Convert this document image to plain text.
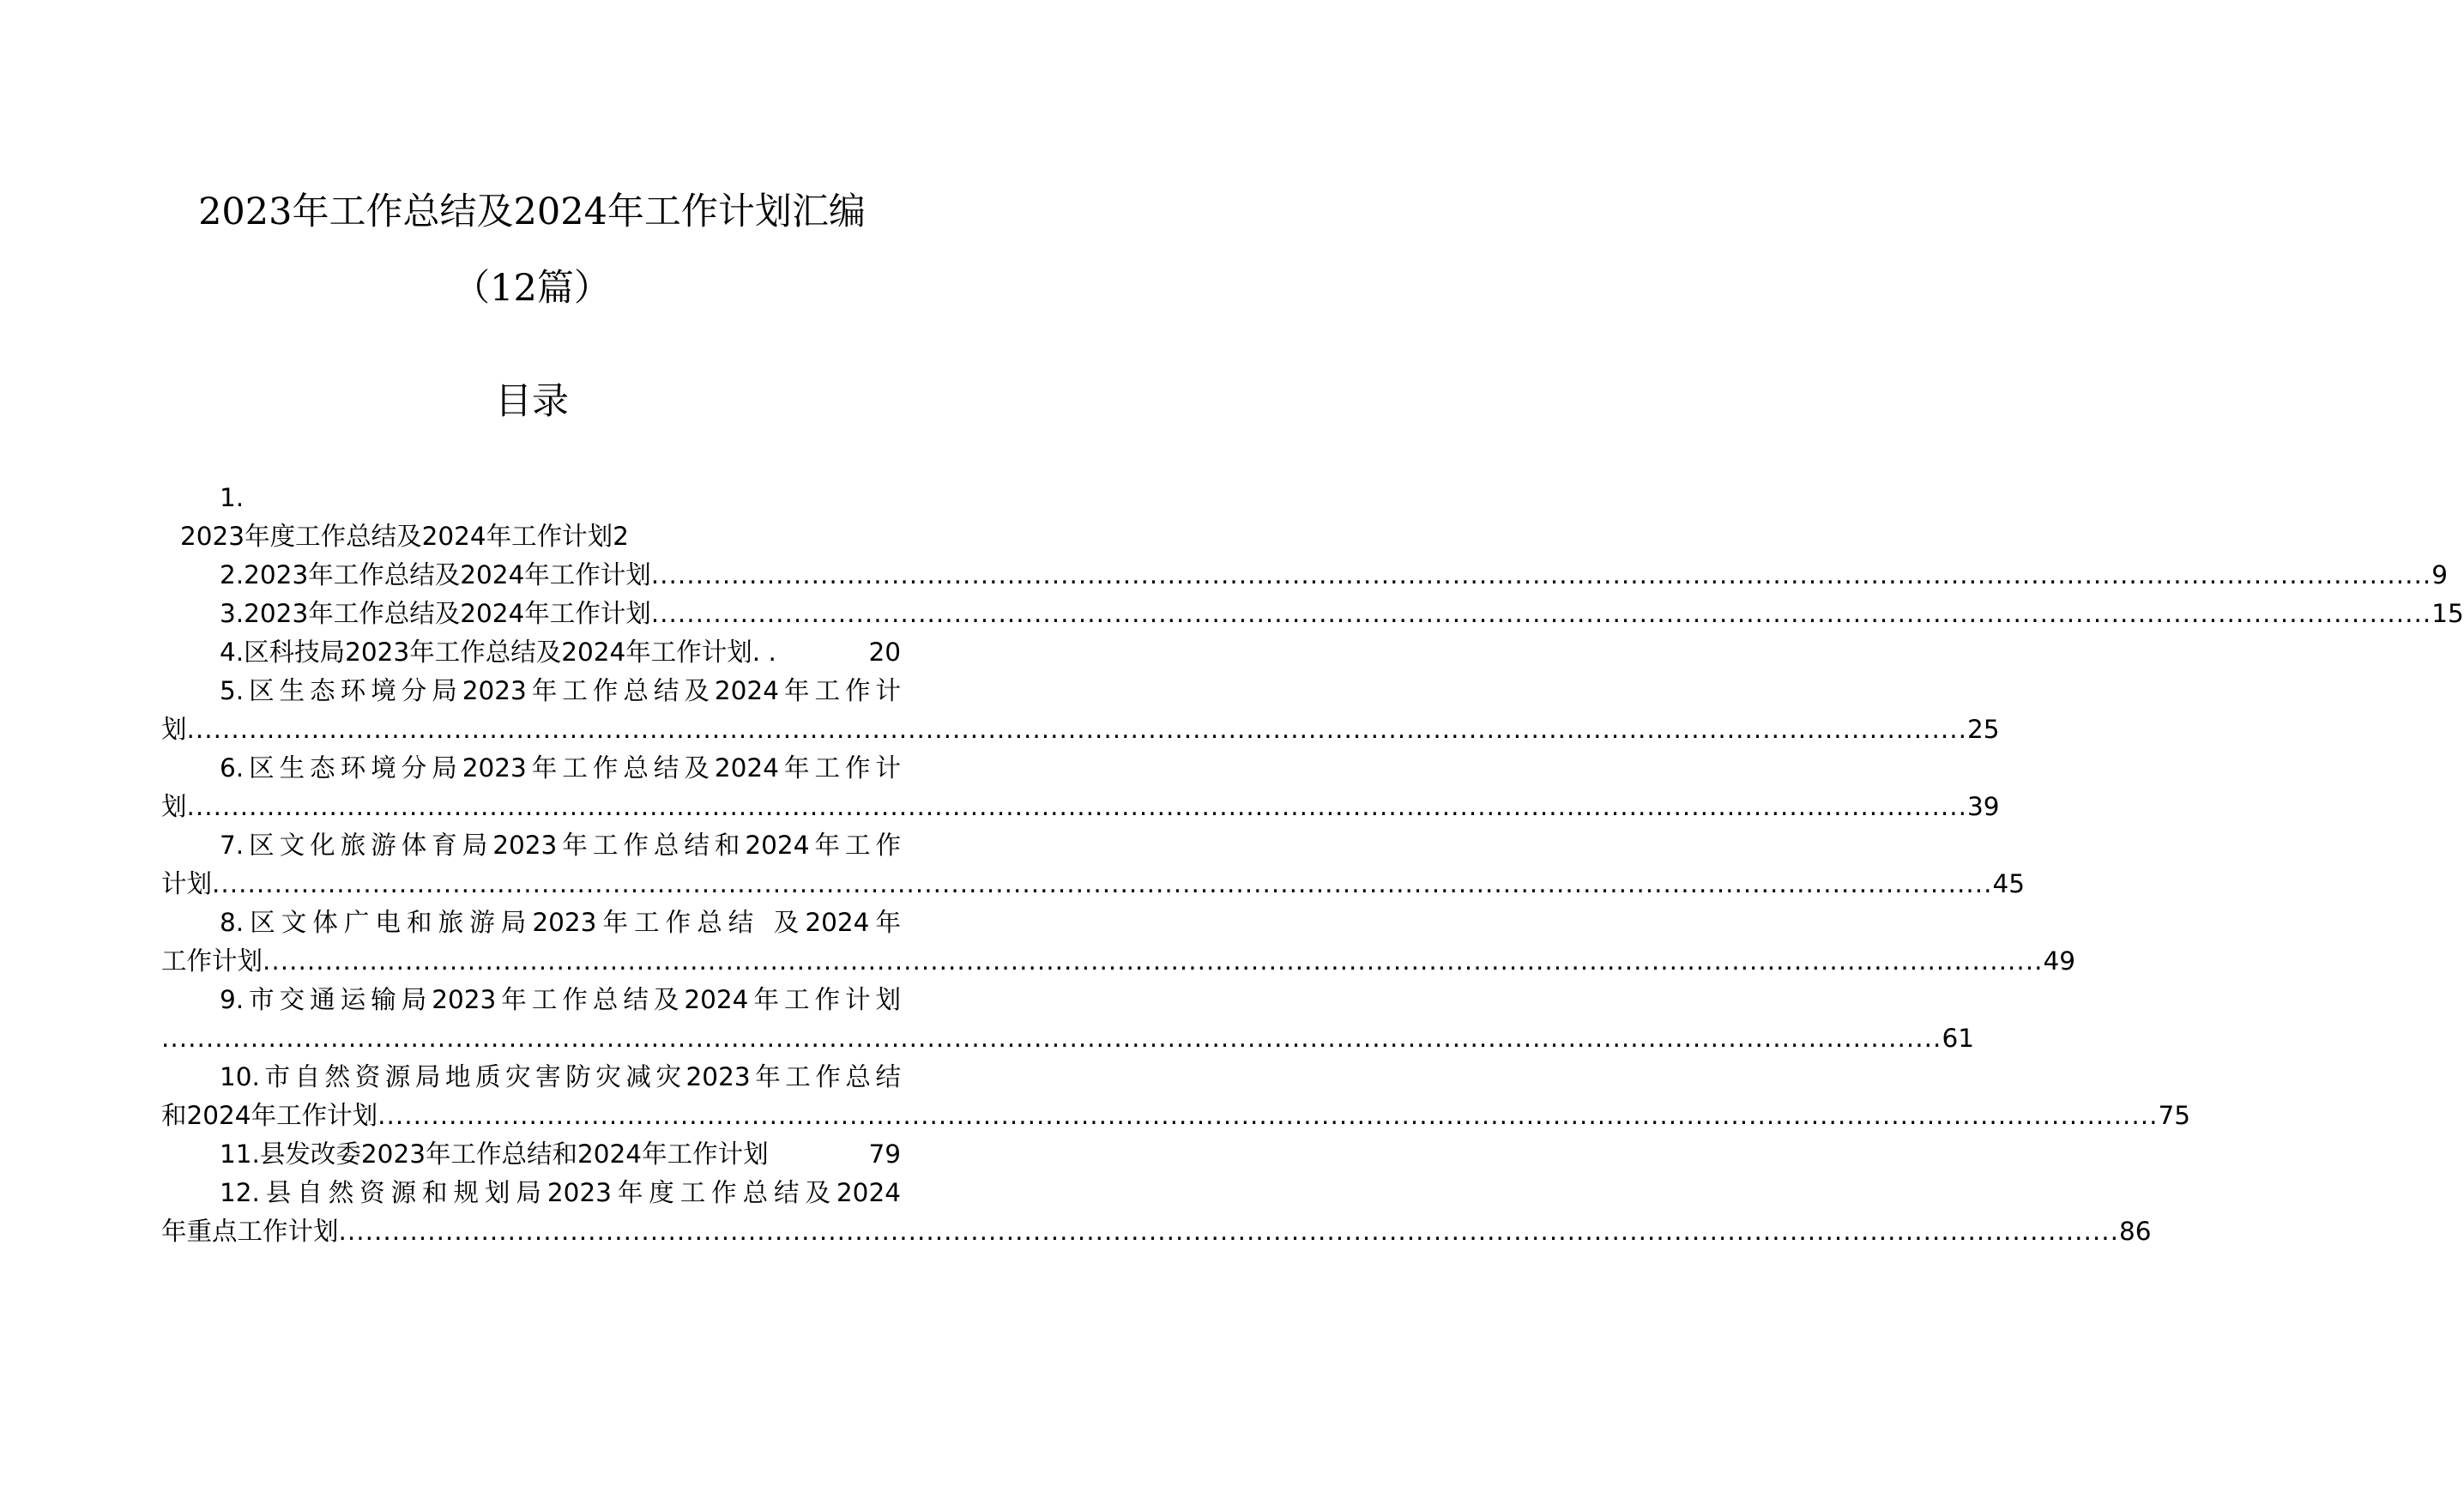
2023年工作总结及2024年工作计划汇编
（12篇）
目录
1.
2023年度工作总结及2024年工作计划2
2.2023年工作总结及2024年工作计划 ........................................................................................................................................................................................................ 9
3.2023年工作总结及2024年工作计划 ........................................................................................................................................................................................................ 15
4.区科技局2023年工作总结及2024年工作计划. .	20
5.区生态环境分局2023年工作总结及2024年工作计
划 ........................................................................................................................................................................................................ 25
6.区生态环境分局2023年工作总结及2024年工作计
划 ........................................................................................................................................................................................................ 39
7.区文化旅游体育局2023年工作总结和2024年工作
计划 ........................................................................................................................................................................................................ 45
8.区文体广电和旅游局2023年工作总结 及2024年
工作计划 ........................................................................................................................................................................................................ 49
9.市交通运输局2023年工作总结及2024年工作计划
........................................................................................................................................................................................................ 61
10.市自然资源局地质灾害防灾减灾2023年工作总结
和2024年工作计划 ........................................................................................................................................................................................................ 75
11.县发改委2023年工作总结和2024年工作计划	79
12.县自然资源和规划局2023年度工作总结及2024
年重点工作计划 ........................................................................................................................................................................................................ 86
